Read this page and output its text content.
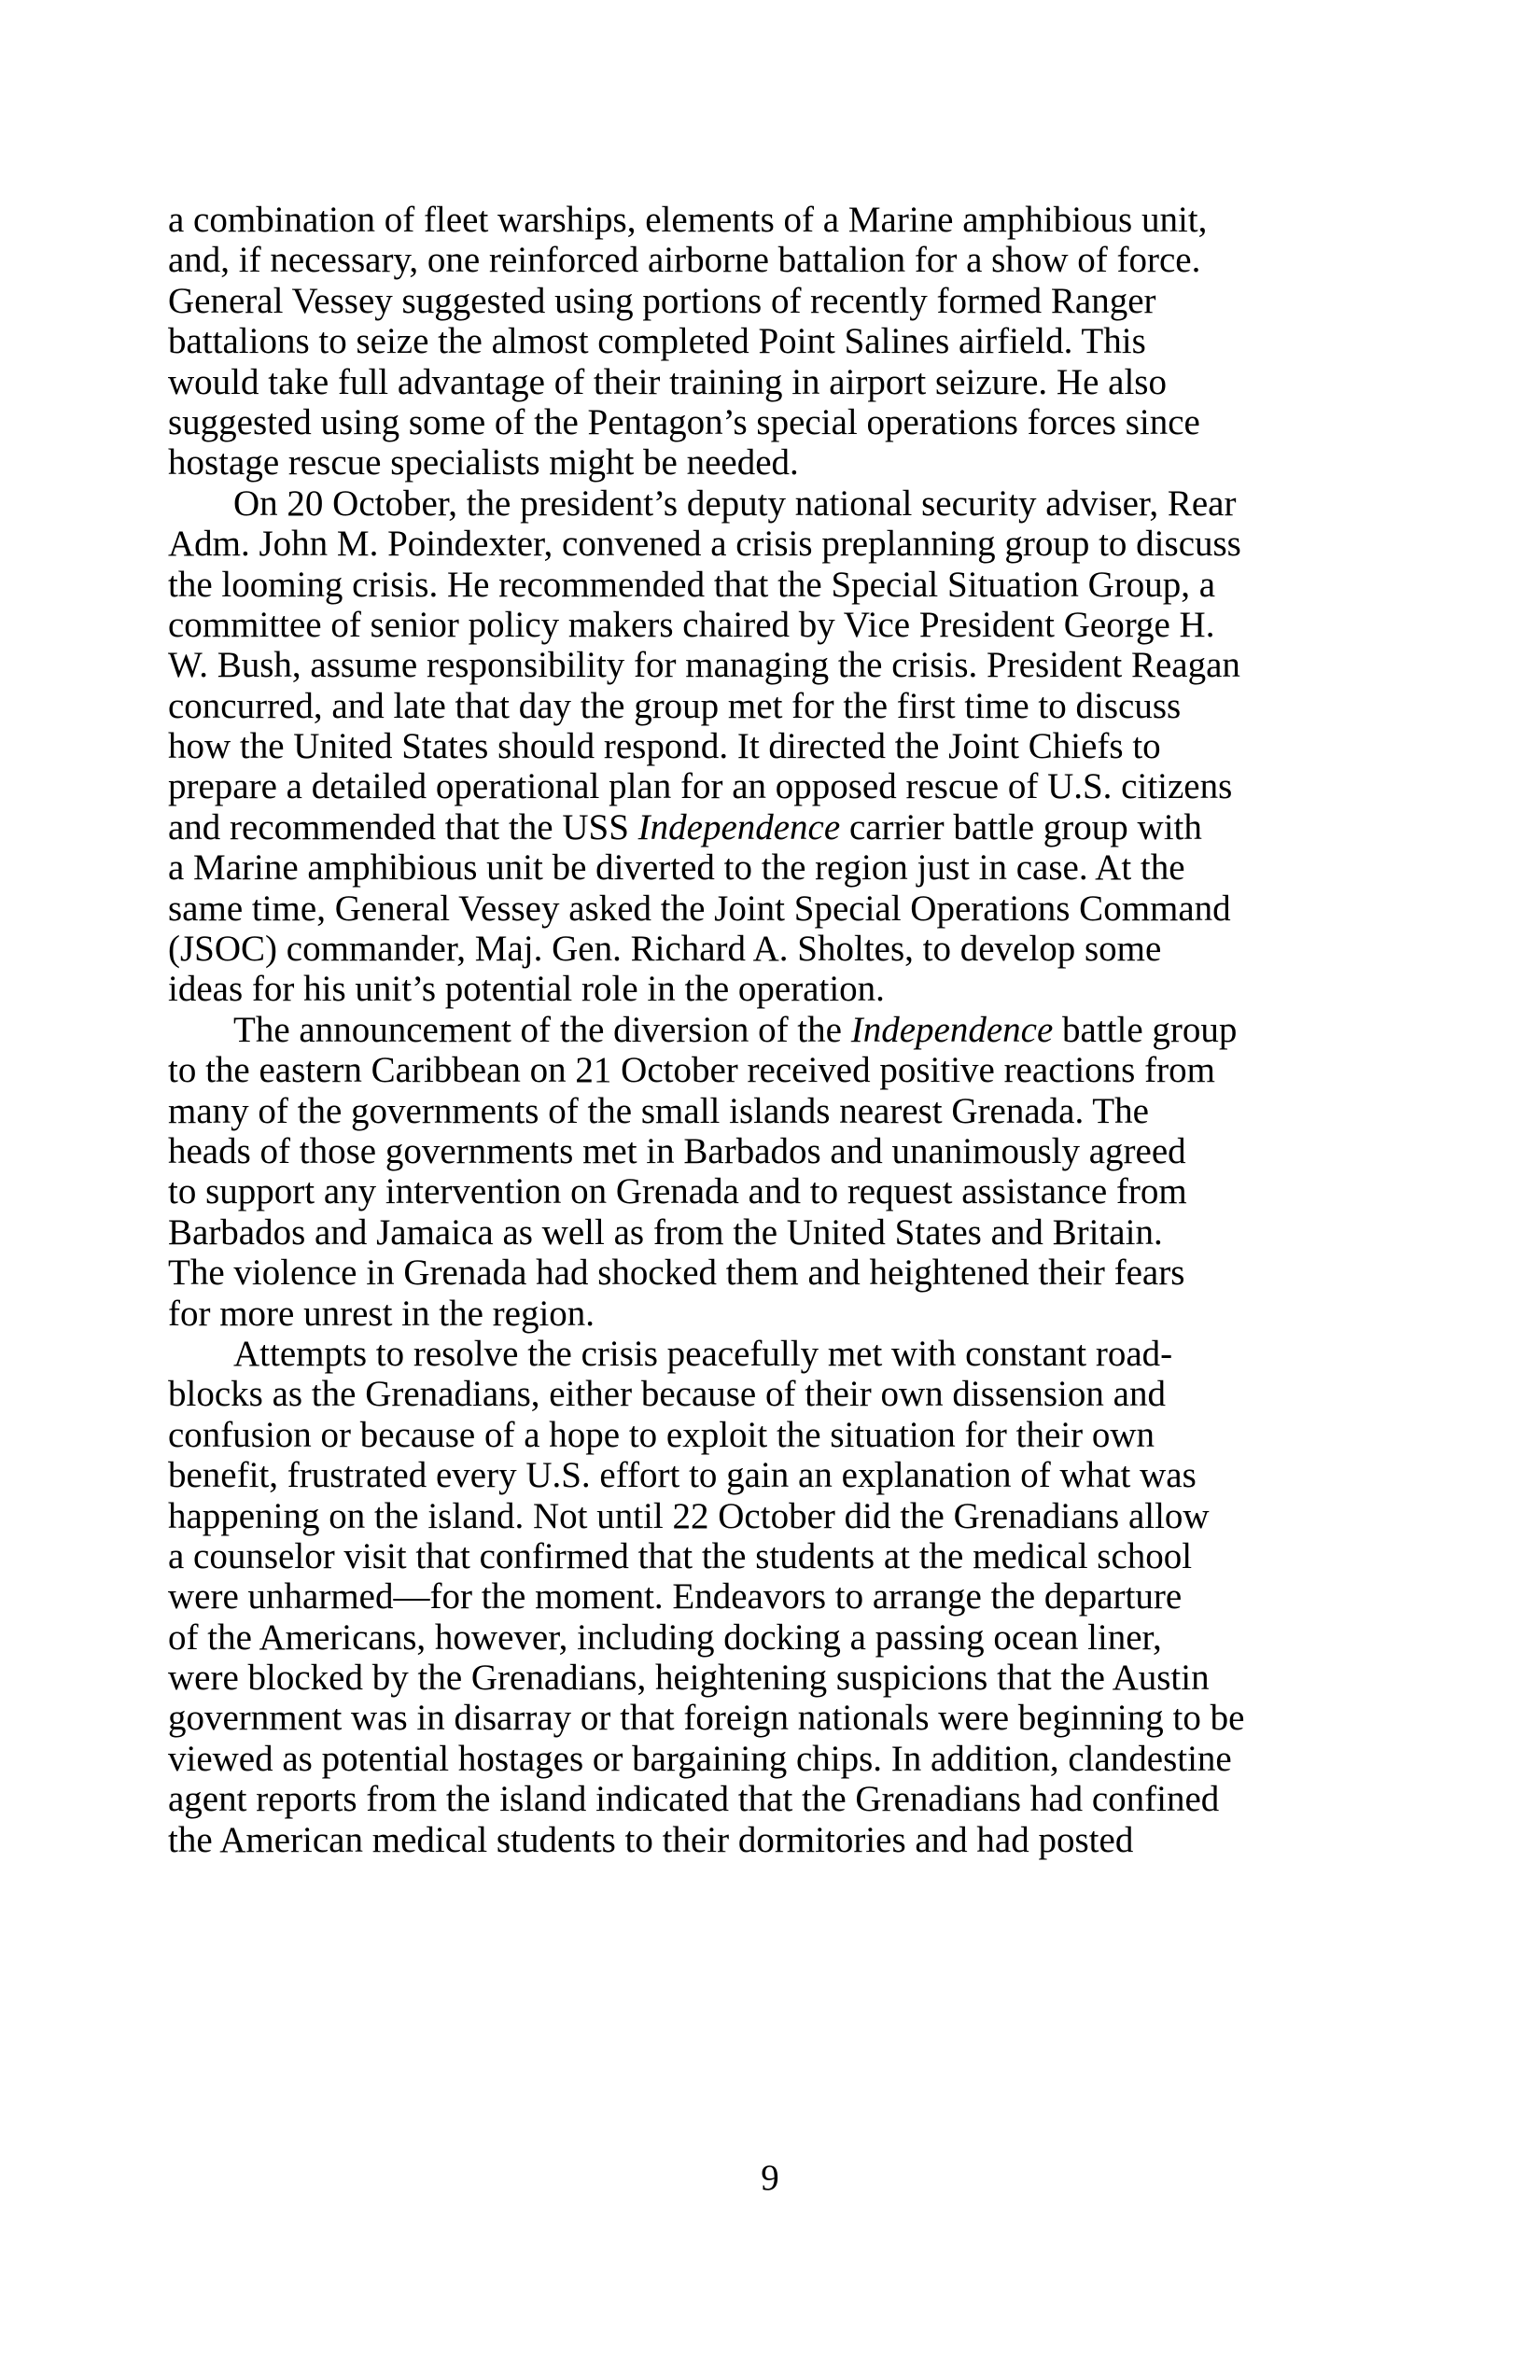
a combination of fleet warships, elements of a Marine amphibious unit,
and, if necessary, one reinforced airborne battalion for a show of force.
General Vessey suggested using portions of recently formed Ranger
battalions to seize the almost completed Point Salines airfield. This
would take full advantage of their training in airport seizure. He also
suggested using some of the Pentagon’s special operations forces since
hostage rescue specialists might be needed.
On 20 October, the president’s deputy national security adviser, Rear
Adm. John M. Poindexter, convened a crisis preplanning group to discuss
the looming crisis. He recommended that the Special Situation Group, a
committee of senior policy makers chaired by Vice President George H.
W. Bush, assume responsibility for managing the crisis. President Reagan
concurred, and late that day the group met for the first time to discuss
how the United States should respond. It directed the Joint Chiefs to
prepare a detailed operational plan for an opposed rescue of U.S. citizens
and recommended that the USS Independence carrier battle group with
a Marine amphibious unit be diverted to the region just in case. At the
same time, General Vessey asked the Joint Special Operations Command
(JSOC) commander, Maj. Gen. Richard A. Sholtes, to develop some
ideas for his unit’s potential role in the operation.
The announcement of the diversion of the Independence battle group
to the eastern Caribbean on 21 October received positive reactions from
many of the governments of the small islands nearest Grenada. The
heads of those governments met in Barbados and unanimously agreed
to support any intervention on Grenada and to request assistance from
Barbados and Jamaica as well as from the United States and Britain.
The violence in Grenada had shocked them and heightened their fears
for more unrest in the region.
Attempts to resolve the crisis peacefully met with constant road-
blocks as the Grenadians, either because of their own dissension and
confusion or because of a hope to exploit the situation for their own
benefit, frustrated every U.S. effort to gain an explanation of what was
happening on the island. Not until 22 October did the Grenadians allow
a counselor visit that confirmed that the students at the medical school
were unharmed—for the moment. Endeavors to arrange the departure
of the Americans, however, including docking a passing ocean liner,
were blocked by the Grenadians, heightening suspicions that the Austin
government was in disarray or that foreign nationals were beginning to be
viewed as potential hostages or bargaining chips. In addition, clandestine
agent reports from the island indicated that the Grenadians had confined
the American medical students to their dormitories and had posted
9
